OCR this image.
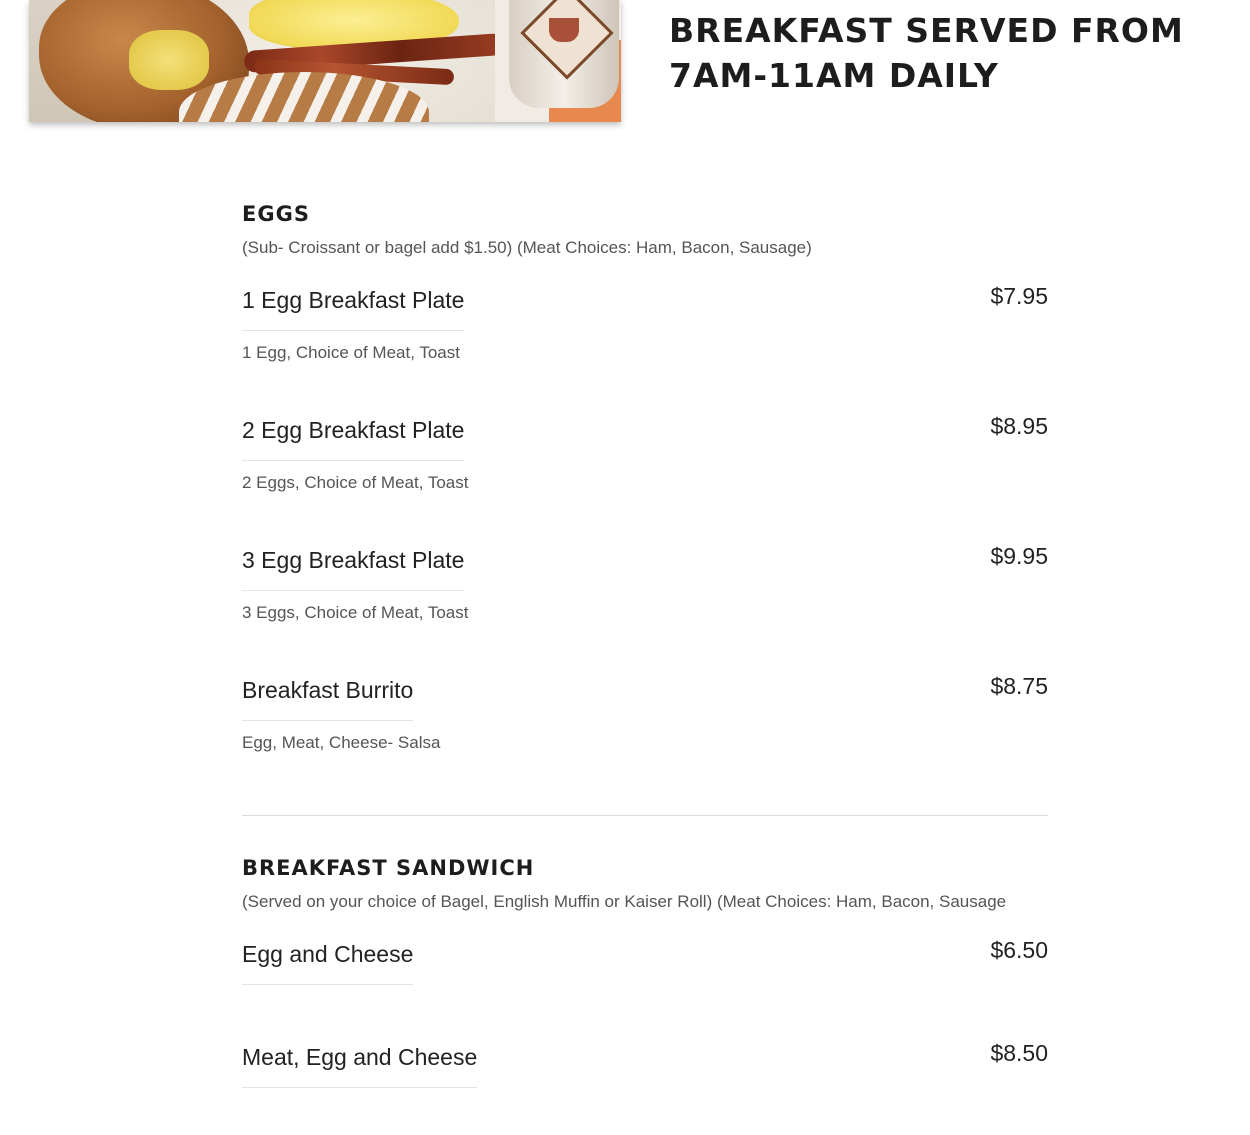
BREAKFAST SERVED FROM 7AM-11AM DAILY
EGGS

(Sub- Croissant or bagel add $1.50) (Meat Choices: Ham, Bacon, Sausage)

1 Egg Breakfast Plate	$7.95
1 Egg, Choice of Meat, Toast
2 Egg Breakfast Plate	$8.95
2 Eggs, Choice of Meat, Toast
3 Egg Breakfast Plate	$9.95
3 Eggs, Choice of Meat, Toast
Breakfast Burrito	$8.75
Egg, Meat, Cheese- Salsa
BREAKFAST SANDWICH

(Served on your choice of Bagel, English Muffin or Kaiser Roll) (Meat Choices: Ham, Bacon, Sausage

Egg and Cheese	$6.50
Meat, Egg and Cheese	$8.50
